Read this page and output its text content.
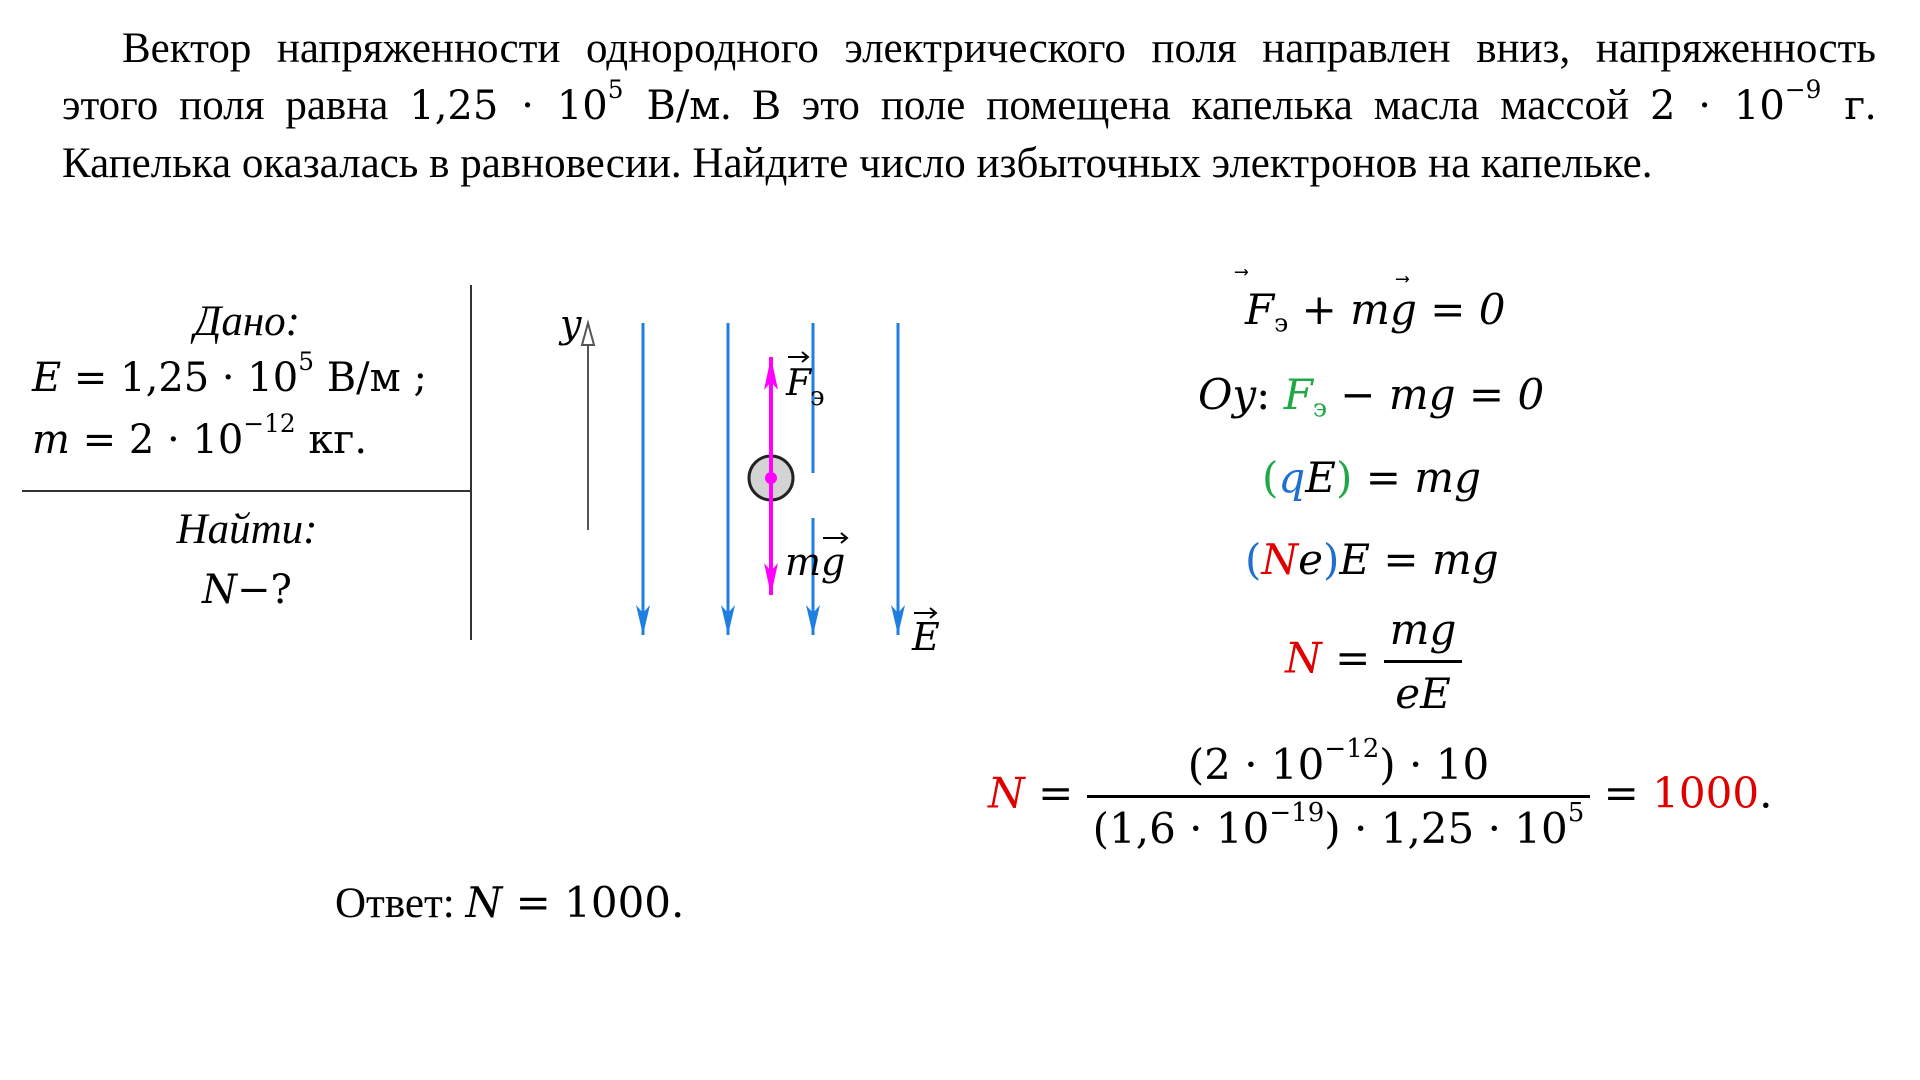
Вектор напряженности однородного электрического поля направлен вниз, напряженность этого поля равна $1,25 \cdot 10^5$ В/м. В это поле помещена капелька масла массой $2 \cdot 10^{-9}$ г. Капелька оказалась в равновесии. Найдите число избыточных электронов на капельке.
Дано:
$E = 1,25 \cdot 10^5$ В/м ;
$m = 2 \cdot 10^{-12}$ кг.
Найти:
N−?
y
F э
mg
E
$F_э$ + mg = 0
Oy: $F_э$ − mg = 0
(qE) = mg
(Ne)E = mg
$N = \frac{mg}{eE}$
$N = \frac{(2 \cdot 10^{-12}) \cdot 10}{(1,6 \cdot 10^{-19}) \cdot 1,25 \cdot 10^5} = 1000$.
Ответ: N = 1000.
